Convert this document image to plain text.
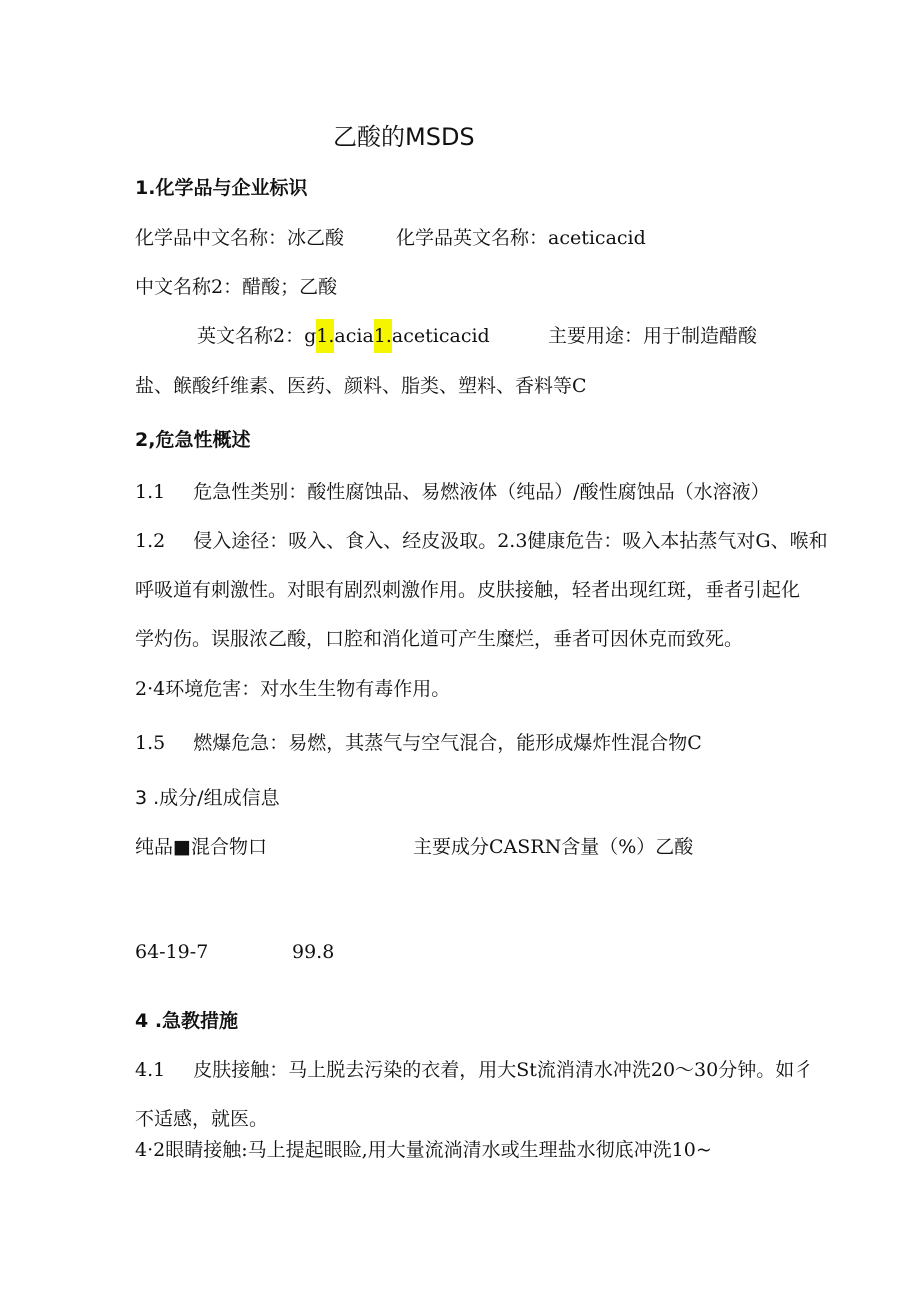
乙酸的MSDS
1.化学品与企业标识
化学品中文名称：冰乙酸	化学品英文名称：aceticacid
中文名称2：醋酸；乙酸
英文名称2：g1.acia1.aceticacid	主要用途：用于制造醋酸
盐、餱酸纤维素、医药、颜料、脂类、塑料、香料等C
2,危急性概述
1.1 危急性类别：酸性腐蚀品、易燃液体（纯品）/酸性腐蚀品（水溶液）
1.2 侵入途径：吸入、食入、经皮汲取。2.3健康危告：吸入本拈蒸气对G、喉和
呼吸道有刺激性。对眼有剧烈刺激作用。皮肤接触，轻者出现红斑，垂者引起化
学灼伤。误服浓乙酸，口腔和消化道可产生糜烂，垂者可因休克而致死。
2·4环境危害：对水生生物有毒作用。
1.5 燃爆危急：易燃，其蒸气与空气混合，能形成爆炸性混合物C
3 .成分/组成信息
纯品■混合物口	主要成分CASRN含量（%）乙酸
64-19-7	99.8
4 .急教措施
4.1 皮肤接触：马上脱去污染的衣着，用大St流消清水冲洗20～30分钟。如彳
不适感，就医。
4·2眼睛接触:马上提起眼睑,用大量流淌清水或生理盐水彻底冲洗10~
